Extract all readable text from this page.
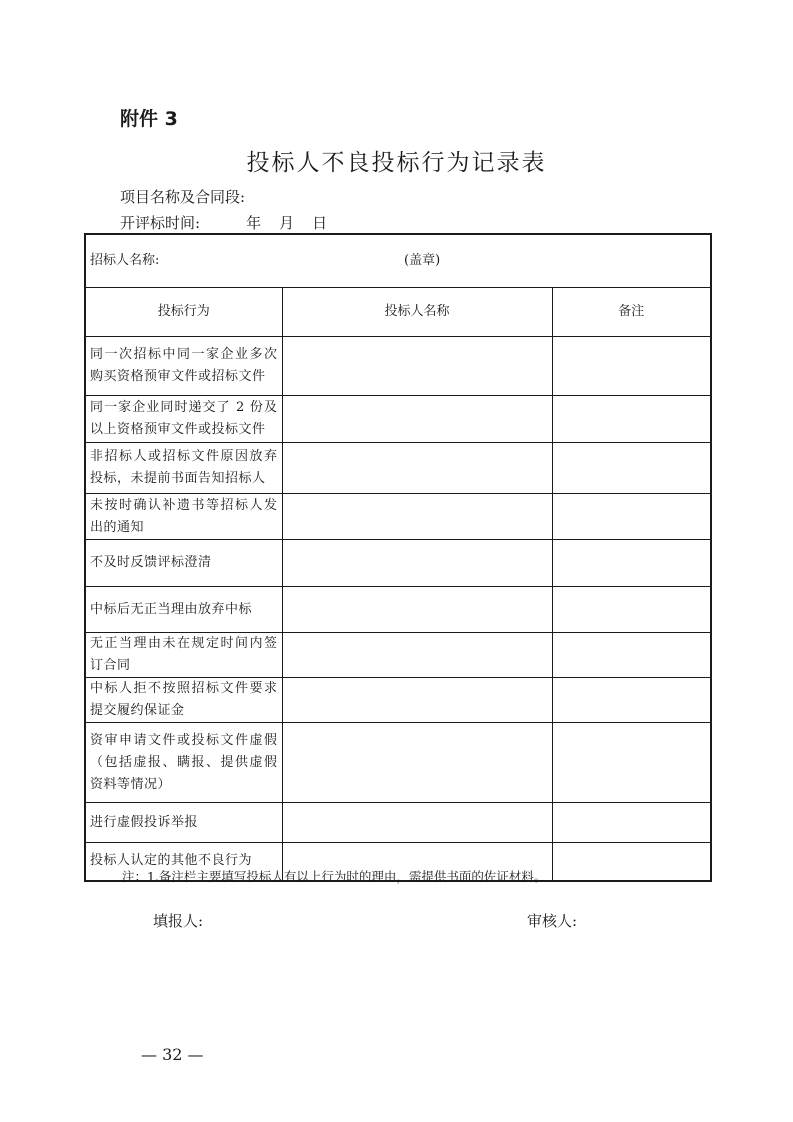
附件 3
投标人不良投标行为记录表
项目名称及合同段:
开评标时间:	年 月 日
招标人名称: (盖章)		
投标行为	投标人名称	备注
同一次招标中同一家企业多次购买资格预审文件或招标文件		
同一家企业同时递交了 2 份及以上资格预审文件或投标文件		
非招标人或招标文件原因放弃投标，未提前书面告知招标人		
未按时确认补遗书等招标人发出的通知		
不及时反馈评标澄清		
中标后无正当理由放弃中标		
无正当理由未在规定时间内签订合同		
中标人拒不按照招标文件要求提交履约保证金		
资审申请文件或投标文件虚假（包括虚报、瞒报、提供虚假资料等情况）		
进行虚假投诉举报		
投标人认定的其他不良行为		
注：1.备注栏主要填写投标人有以上行为时的理由，需提供书面的佐证材料。
填报人:	审核人:
— 32 —
